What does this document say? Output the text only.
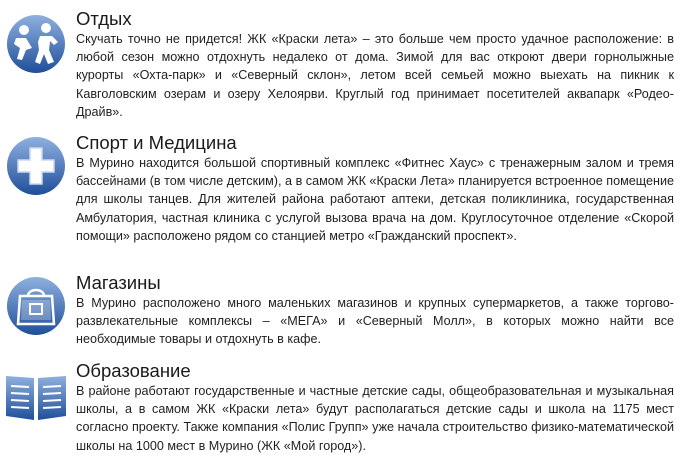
Отдых

Скучать точно не придется! ЖК «Краски лета» – это больше чем просто удачное расположение: в любой сезон можно отдохнуть недалеко от дома. Зимой для вас откроют двери горнолыжные курорты «Охта-парк» и «Северный склон», летом всей семьей можно выехать на пикник к Кавголовским озерам и озеру Хелоярви. Круглый год принимает посетителей аквапарк «Родео-Драйв».

Спорт и Медицина

В Мурино находится большой спортивный комплекс «Фитнес Хаус» с тренажерным залом и тремя бассейнами (в том числе детским), а в самом ЖК «Краски Лета» планируется встроенное помещение для школы танцев. Для жителей района работают аптеки, детская поликлиника, государственная Амбулатория, частная клиника с услугой вызова врача на дом. Круглосуточное отделение «Скорой помощи» расположено рядом со станцией метро «Гражданский проспект».

Магазины

В Мурино расположено много маленьких магазинов и крупных супермаркетов, а также торгово-развлекательные комплексы – «МЕГА» и «Северный Молл», в которых можно найти все необходимые товары и отдохнуть в кафе.

Образование

В районе работают государственные и частные детские сады, общеобразовательная и музыкальная школы, а в самом ЖК «Краски лета» будут располагаться детские сады и школа на 1175 мест согласно проекту. Также компания «Полис Групп» уже начала строительство физико-математической школы на 1000 мест в Мурино (ЖК «Мой город»).
